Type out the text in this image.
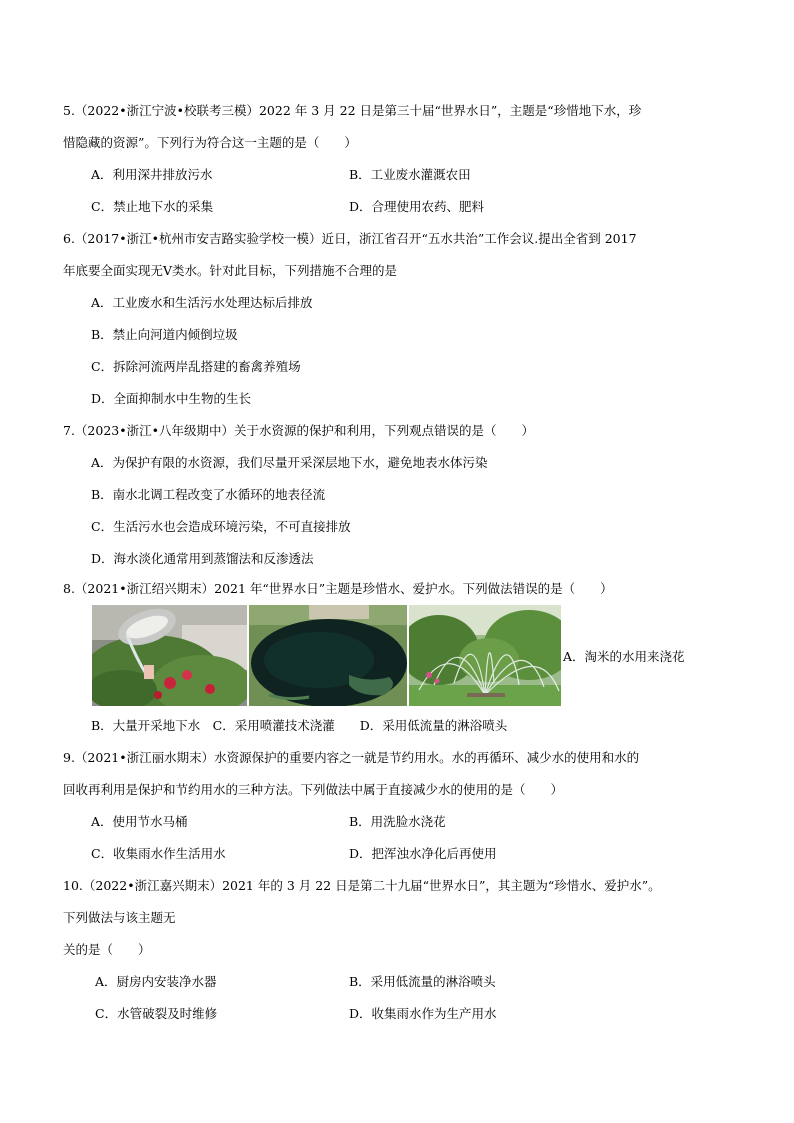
5.（2022•浙江宁波•校联考三模）2022 年 3 月 22 日是第三十届“世界水日”，主题是“珍惜地下水，珍
惜隐藏的资源”。下列行为符合这一主题的是（　　）
A．利用深井排放污水	B．工业废水灌溉农田
C．禁止地下水的采集	D．合理使用农药、肥料
6.（2017•浙江•杭州市安吉路实验学校一模）近日，浙江省召开“五水共治”工作会议.提出全省到 2017
年底要全面实现无Ⅴ类水。针对此目标，下列措施不合理的是
A．工业废水和生活污水处理达标后排放
B．禁止向河道内倾倒垃圾
C．拆除河流两岸乱搭建的畜禽养殖场
D．全面抑制水中生物的生长
7.（2023•浙江•八年级期中）关于水资源的保护和利用，下列观点错误的是（　　）
A．为保护有限的水资源，我们尽量开采深层地下水，避免地表水体污染
B．南水北调工程改变了水循环的地表径流
C．生活污水也会造成环境污染，不可直接排放
D．海水淡化通常用到蒸馏法和反渗透法
8.（2021•浙江绍兴期末）2021 年“世界水日”主题是珍惜水、爱护水。下列做法错误的是（　　）
A．淘米的水用来浇花
B．大量开采地下水　C．采用喷灌技术浇灌　　D．采用低流量的淋浴喷头
9.（2021•浙江丽水期末）水资源保护的重要内容之一就是节约用水。水的再循环、减少水的使用和水的
回收再利用是保护和节约用水的三种方法。下列做法中属于直接减少水的使用的是（　　）
A．使用节水马桶	B．用洗脸水浇花
C．收集雨水作生活用水	D．把浑浊水净化后再使用
10.（2022•浙江嘉兴期末）2021 年的 3 月 22 日是第二十九届“世界水日”，其主题为“珍惜水、爱护水”。
下列做法与该主题无
关的是（　　）
A．厨房内安装净水器	B．采用低流量的淋浴喷头
C．水管破裂及时维修	D．收集雨水作为生产用水
